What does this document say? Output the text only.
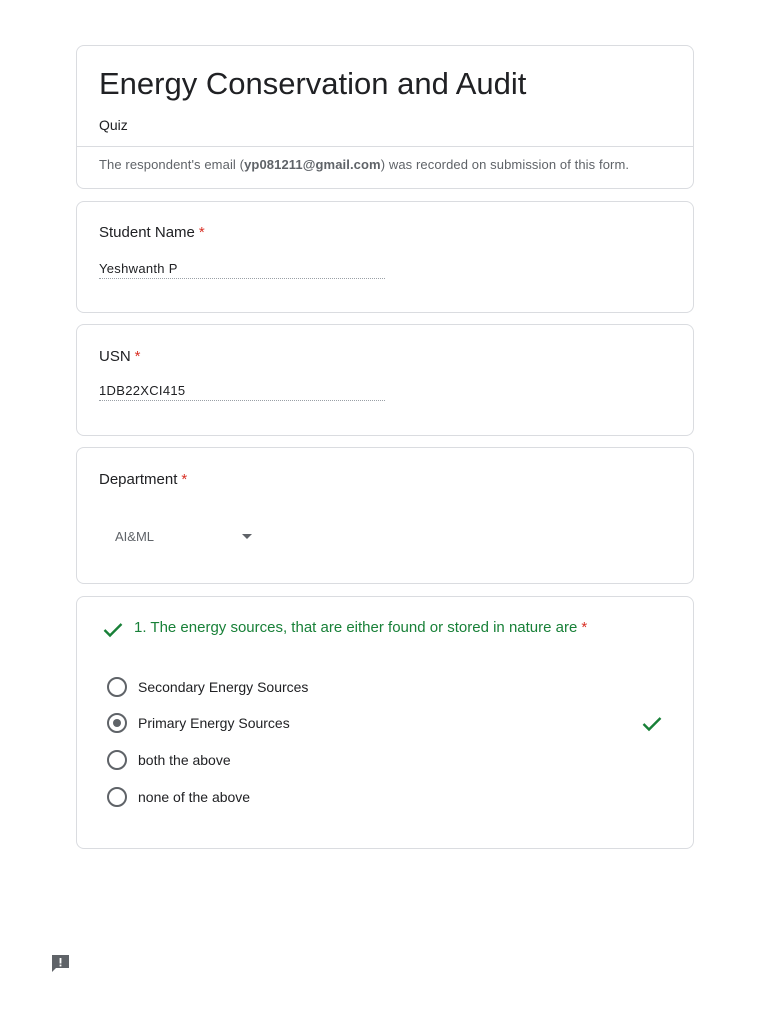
Energy Conservation and Audit
Quiz
The respondent's email (yp081211@gmail.com) was recorded on submission of this form.
Student Name *
Yeshwanth P
USN *
1DB22XCI415
Department *
AI&ML
1. The energy sources, that are either found or stored in nature are *
Secondary Energy Sources
Primary Energy Sources
both the above
none of the above
